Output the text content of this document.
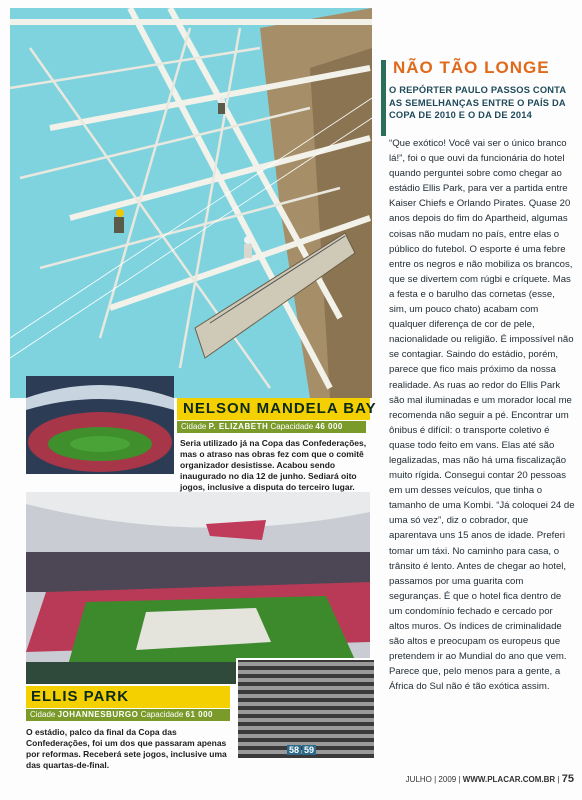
NELSON MANDELA BAY
Cidade P. ELIZABETH Capacidade 46 000
Seria utilizado já na Copa das Confederações, mas o atraso nas obras fez com que o comitê organizador desistisse. Acabou sendo inaugurado no dia 12 de junho. Sediará oito jogos, inclusive a disputa do terceiro lugar.
58 59
ELLIS PARK
Cidade JOHANNESBURGO Capacidade 61 000
O estádio, palco da final da Copa das Confederações, foi um dos que passaram apenas por reformas. Receberá sete jogos, inclusive uma das quartas-de-final.
NÃO TÃO LONGE
O REPÓRTER PAULO PASSOS CONTA AS SEMELHANÇAS ENTRE O PAÍS DA COPA DE 2010 E O DA DE 2014
“Que exótico! Você vai ser o único branco lá!”, foi o que ouvi da funcionária do hotel quando perguntei sobre como chegar ao estádio Ellis Park, para ver a partida entre Kaiser Chiefs e Orlando Pirates. Quase 20 anos depois do fim do Apartheid, algumas coisas não mudam no país, entre elas o público do futebol. O esporte é uma febre entre os negros e não mobiliza os brancos, que se divertem com rúgbi e críquete. Mas a festa e o barulho das cornetas (esse, sim, um pouco chato) acabam com qualquer diferença de cor de pele, nacionalidade ou religião. É impossível não se contagiar. Saindo do estádio, porém, parece que fico mais próximo da nossa realidade. As ruas ao redor do Ellis Park são mal iluminadas e um morador local me recomenda não seguir a pé. Encontrar um ônibus é difícil: o transporte coletivo é quase todo feito em vans. Elas até são legalizadas, mas não há uma fiscalização muito rígida. Consegui contar 20 pessoas em um desses veículos, que tinha o tamanho de uma Kombi. “Já coloquei 24 de uma só vez”, diz o cobrador, que aparentava uns 15 anos de idade. Preferi tomar um táxi. No caminho para casa, o trânsito é lento. Antes de chegar ao hotel, passamos por uma guarita com seguranças. É que o hotel fica dentro de um condomínio fechado e cercado por altos muros. Os índices de criminalidade são altos e preocupam os europeus que pretendem ir ao Mundial do ano que vem. Parece que, pelo menos para a gente, a África do Sul não é tão exótica assim.
JULHO | 2009 | WWW.PLACAR.COM.BR | 75
